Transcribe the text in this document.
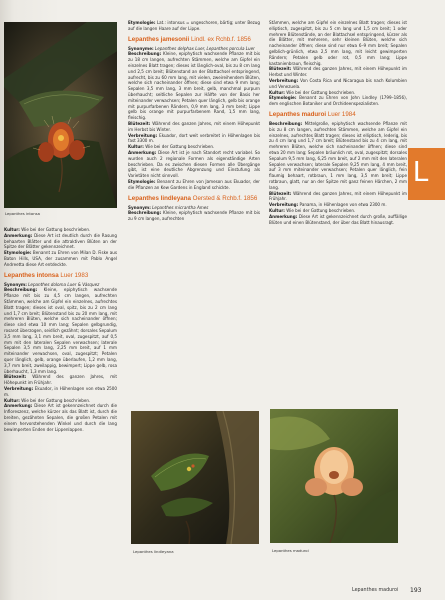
Lepanthes intonsa

Kultur: Wie bei der Gattung beschrieben.

Anmerkung: Diese Art ist deutlich durch die Rasung behaarten Blätter und die attraktiven Blüten an der Spitze der Blätter gekennzeichnet.

Etymologie: Benannt zu Ehren von Milan D. Fiske aus Baton Hills, USA, der zusammen mit Pablo Angel Andreetta diese Art entdeckte.

Lepanthes intonsa Luer 1983

Synonym: Lepanthes doloma Luer & Vásquez

Beschreibung: Kleine, epiphytisch wachsende Pflanze mit bis zu 4,5 cm langen, aufrechten Stämmen, welche am Gipfel ein einzelnes, aufrechtes Blatt tragen; dieses ist oval, spitz, bis zu 2 cm lang und 1,7 cm breit; Blütenstand bis zu 20 mm lang, mit mehreren Blüten, welche sich nacheinander öffnen; diese sind etwa 10 mm lang; Sepalen gelbgrundig, rosarot überzogen, seidlich gezähnt; dorsales Sepalum 3,5 mm lang, 3,1 mm breit, oval, zugespitzt, auf 0,5 mm mit den lateralen Sepalen verwachsen; laterale Sepalen 3,5 mm lang, 2,25 mm breit, auf 1 mm miteinander verwachsen, oval, zugespitzt; Petalen quer länglich, gelb, orange überlaufen, 1,2 mm lang, 3,7 mm breit, zweilappig, bewimpert; Lippe gelb, rosa überhaucht, 1,3 mm lang.

Blütezeit: Während des ganzen Jahres, mit Höhepunkt im Frühjahr.

Verbreitung: Ekuador, in Höhenlagen von etwa 2500 m.

Kultur: Wie bei der Gattung beschrieben.

Anmerkung: Diese Art ist gekennzeichnet durch die Infloreszenz, welche kürzer als das Blatt ist, durch die breiten, gezähnten Sepalen, die großen Petalen mit einem hervorstehenden Winkel und durch die lang bewimperten Enden der Lippenlappen.

Etymologie: Lat.: intonsus = ungeschoren, bärtig; unter Bezug auf die langen Haare auf der Lippe.

Lepanthes jamesonii Lindl. ex Rchb.f. 1856

Synonyme: Lepanthes delphax Luer, Lepanthes porcula Luer

Beschreibung: Kleine, epiphytisch wachsende Pflanze mit bis zu 18 cm langen, aufrechten Stämmen, welche am Gipfel ein einzelnes Blatt tragen; dieses ist länglich-oval, bis zu 8 cm lang und 2,5 cm breit; Blütenstand an der Blattachsel entspringend, aufrecht, bis zu 60 mm lang, mit vielen, zweireihendem Blüten, welche sich nacheinander öffnen; diese sind etwa 9 mm lang; Sepalen 3,5 mm lang, 3 mm breit, gelb, manchmal purpurn überhaucht; seitliche Sepalen zur Hälfte von der Basis her miteinander verwachsen; Petalen quer länglich, gelb bis orange mit purpurfarbenen Rändern, 0,9 mm lang, 3 mm breit; Lippe gelb bis orange mit purpurfarbenem Rand, 1,5 mm lang, fleischig.

Blütezeit: Während des ganzen Jahres, mit einem Höhepunkt im Herbst bis Winter.

Verbreitung: Ekuador, dort weit verbreitet in Höhenlagen bis fast 3300 m.

Kultur: Wie bei der Gattung beschrieben.

Anmerkung: Diese Art ist je nach Standort recht variabel. So wurden auch 2 regionale Formen als eigenständige Arten beschrieben. Da es zwischen diesen Formen alle Übergänge gibt, ist eine deutliche Abgrenzung und Einstufung als Varietäten nicht sinnvoll.

Etymologie: Benannt zu Ehren von Jameson aus Ekuador, der die Pflanzen an Kew Gardens in England schickte.

Lepanthes lindleyana Oersted & Rchb.f. 1856

Synonym: Lepanthes micrantha Ames

Beschreibung: Kleine, epiphytisch wachsende Pflanze mit bis zu 9 cm langen, aufrechten

Lepanthes lindleyana

Stämmen, welche am Gipfel ein einzelnes Blatt tragen; dieses ist elliptisch, zugespitzt, bis zu 5 cm lang und 1,5 cm breit; 1 oder mehrere Blütenstände, an der Blattachsel entspringend, kürzer als die Blätter, mit mehreren, sehr kleinen Blüten, welche sich nacheinander öffnen; diese sind nur etwa 6–9 mm breit; Sepalen gelblich-grünlich, etwa 2,5 mm lang, mit leicht gewimperten Rändern; Petalen gelb oder rot, 0,5 mm lang; Lippe kastanienbraun, fleischig.

Blütezeit: Während des ganzen Jahres, mit einem Höhepunkt im Herbst und Winter.

Verbreitung: Von Costa Rica und Nicaragua bis nach Kolumbien und Venezuela.

Kultur: Wie bei der Gattung beschrieben.

Etymologie: Benannt zu Ehren von John Lindley (1799–1856), dem englischen Botaniker und Orchideenspezialisten.

Lepanthes maduroi Luer 1984

Beschreibung: Mittelgroße, epiphytisch wachsende Pflanze mit bis zu 8 cm langen, aufrechten Stämmen, welche am Gipfel ein einzelnes, aufrechtes Blatt tragen; dieses ist elliptisch, lederig, bis zu 4 cm lang und 1,7 cm breit; Blütenstand bis zu 4 cm lang, mit mehreren Blüten, welche sich nacheinander öffnen; diese sind etwa 20 mm lang; Sepalen bräunlich rot, oval, zugespitzt; dorsales Sepalum 9,5 mm lang, 6,25 mm breit, auf 2 mm mit den lateralen Sepalen verwachsen; laterale Sepalen 9,25 mm lang, 4 mm breit, auf 3 mm miteinander verwachsen; Petalen quer länglich, fein flaumig behaart, rotbraun, 1 mm lang, 3,5 mm breit; Lippe rotbraun, glatt, nur an der Spitze mit ganz feinen Härchen, 2 mm lang.

Blütezeit: Während des ganzen Jahres, mit einem Höhepunkt im Frühjahr.

Verbreitung: Panama, in Höhenlagen von etwa 2300 m.

Kultur: Wie bei der Gattung beschrieben.

Anmerkung: Diese Art ist gekennzeichnet durch große, auffällige Blüten und einen Blütenstand, der über das Blatt hinausragt.

Lepanthes maduroi
L
Lepanthes maduroi 193
